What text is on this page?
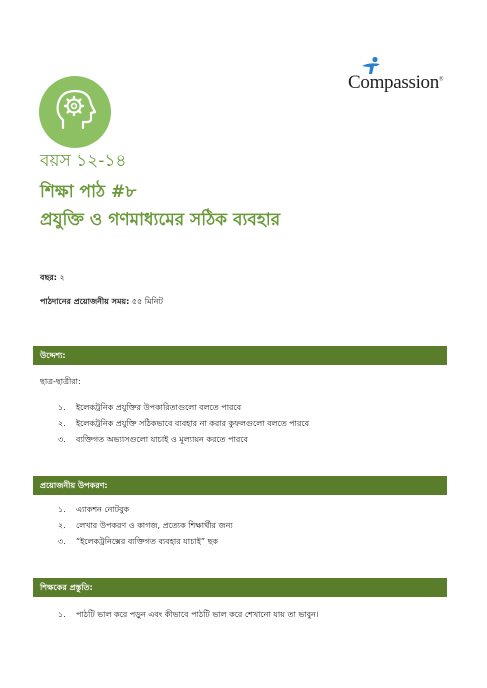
Compassion®
বয়স ১২-১৪
শিক্ষা পাঠ #৮
প্রযুক্তি ও গণমাধ্যমের সঠিক ব্যবহার
বছর: ২
পাঠদানের প্রয়োজনীয় সময়: ৫৫ মিনিট
উদ্দেশ্য:
ছাত্র-ছাত্রীরা:
১. ইলেকট্রনিক প্রযুক্তির উপকারিতাগুলো বলতে পারবে
২. ইলেকট্রনিক প্রযুক্তি সঠিকভাবে ব্যবহার না করার কুফলগুলো বলতে পারবে
৩. ব্যক্তিগত অভ্যাসগুলো যাচাই ও মূল্যায়ন করতে পারবে
প্রয়োজনীয় উপকরণ:
১. এ্যাকশন নোটবুক
২. লেখার উপকরণ ও কাগজ, প্রত্যেক শিক্ষার্থীর জন্য
৩. “ইলেকট্রনিক্সের ব্যক্তিগত ব্যবহার যাচাই” ছক
শিক্ষকের প্রস্তুতি:
১. পাঠটি ভাল করে পড়ুন এবং কীভাবে পাঠটি ভাল করে শেখানো যায় তা ভাবুন।
